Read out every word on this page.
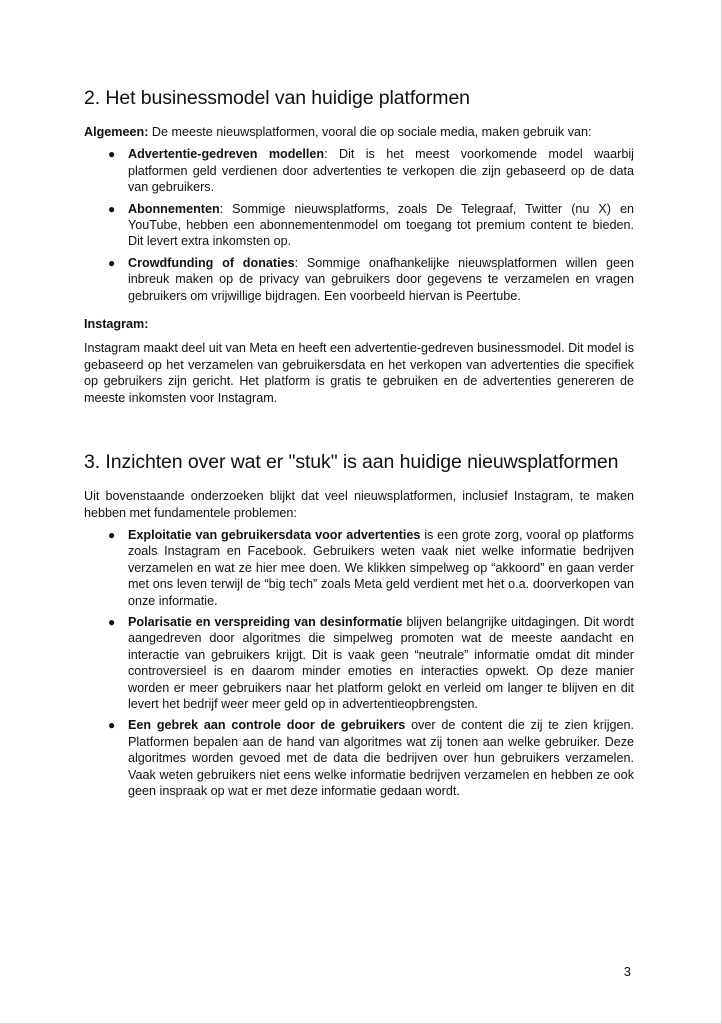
2. Het businessmodel van huidige platformen

Algemeen: De meeste nieuwsplatformen, vooral die op sociale media, maken gebruik van:

● Advertentie-gedreven modellen: Dit is het meest voorkomende model waarbij platformen geld verdienen door advertenties te verkopen die zijn gebaseerd op de data van gebruikers.
● Abonnementen: Sommige nieuwsplatforms, zoals De Telegraaf, Twitter (nu X) en YouTube, hebben een abonnementenmodel om toegang tot premium content te bieden. Dit levert extra inkomsten op.
● Crowdfunding of donaties: Sommige onafhankelijke nieuwsplatformen willen geen inbreuk maken op de privacy van gebruikers door gegevens te verzamelen en vragen gebruikers om vrijwillige bijdragen. Een voorbeeld hiervan is Peertube.

Instagram:

Instagram maakt deel uit van Meta en heeft een advertentie-gedreven businessmodel. Dit model is gebaseerd op het verzamelen van gebruikersdata en het verkopen van advertenties die specifiek op gebruikers zijn gericht. Het platform is gratis te gebruiken en de advertenties genereren de meeste inkomsten voor Instagram.

3. Inzichten over wat er "stuk" is aan huidige nieuwsplatformen

Uit bovenstaande onderzoeken blijkt dat veel nieuwsplatformen, inclusief Instagram, te maken hebben met fundamentele problemen:

● Exploitatie van gebruikersdata voor advertenties is een grote zorg, vooral op platforms zoals Instagram en Facebook. Gebruikers weten vaak niet welke informatie bedrijven verzamelen en wat ze hier mee doen. We klikken simpelweg op “akkoord” en gaan verder met ons leven terwijl de “big tech” zoals Meta geld verdient met het o.a. doorverkopen van onze informatie.
● Polarisatie en verspreiding van desinformatie blijven belangrijke uitdagingen. Dit wordt aangedreven door algoritmes die simpelweg promoten wat de meeste aandacht en interactie van gebruikers krijgt. Dit is vaak geen “neutrale” informatie omdat dit minder controversieel is en daarom minder emoties en interacties opwekt. Op deze manier worden er meer gebruikers naar het platform gelokt en verleid om langer te blijven en dit levert het bedrijf weer meer geld op in advertentieopbrengsten.
● Een gebrek aan controle door de gebruikers over de content die zij te zien krijgen. Platformen bepalen aan de hand van algoritmes wat zij tonen aan welke gebruiker. Deze algoritmes worden gevoed met de data die bedrijven over hun gebruikers verzamelen. Vaak weten gebruikers niet eens welke informatie bedrijven verzamelen en hebben ze ook geen inspraak op wat er met deze informatie gedaan wordt.
3
